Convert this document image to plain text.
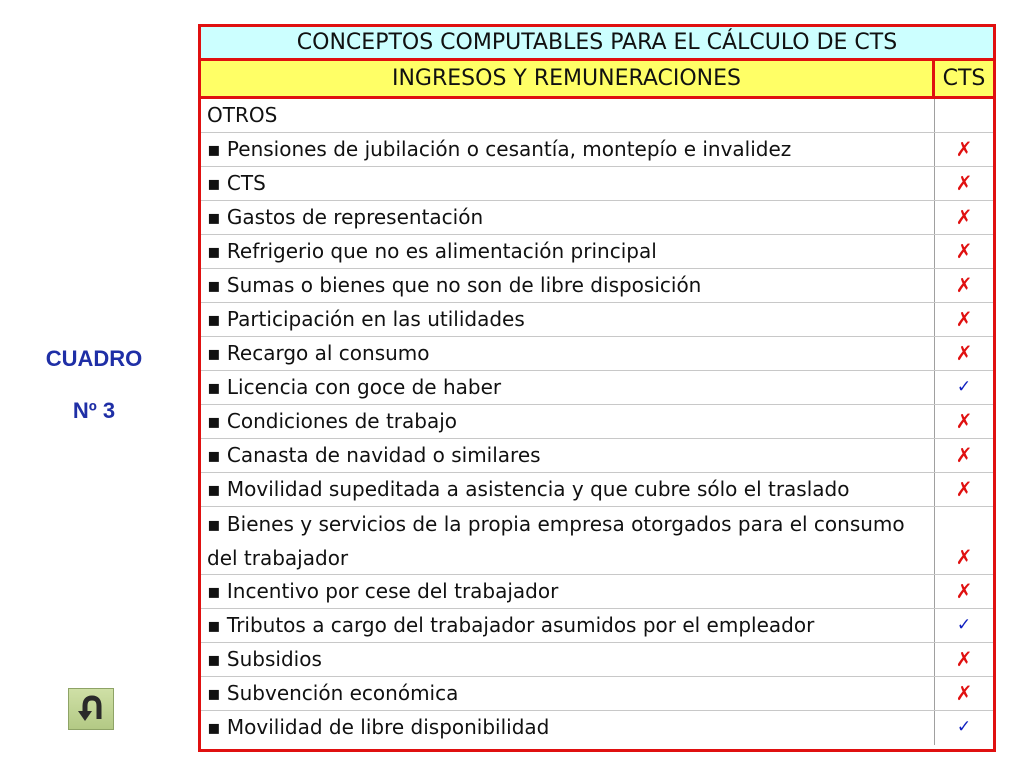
CUADRO
Nº 3
CONCEPTOS COMPUTABLES PARA EL CÁLCULO DE CTS
INGRESOS Y REMUNERACIONES	CTS
OTROS
▪ Pensiones de jubilación o cesantía, montepío e invalidez	✗
▪ CTS	✗
▪ Gastos de representación	✗
▪ Refrigerio que no es alimentación principal	✗
▪ Sumas o bienes que no son de libre disposición	✗
▪ Participación en las utilidades	✗
▪ Recargo al consumo	✗
▪ Licencia con goce de haber	✓
▪ Condiciones de trabajo	✗
▪ Canasta de navidad o similares	✗
▪ Movilidad supeditada a asistencia y que cubre sólo el traslado	✗
▪ Bienes y servicios de la propia empresa otorgados para el consumo del trabajador	✗
▪ Incentivo por cese del trabajador	✗
▪ Tributos a cargo del trabajador asumidos por el empleador	✓
▪ Subsidios	✗
▪ Subvención económica	✗
▪ Movilidad de libre disponibilidad	✓
